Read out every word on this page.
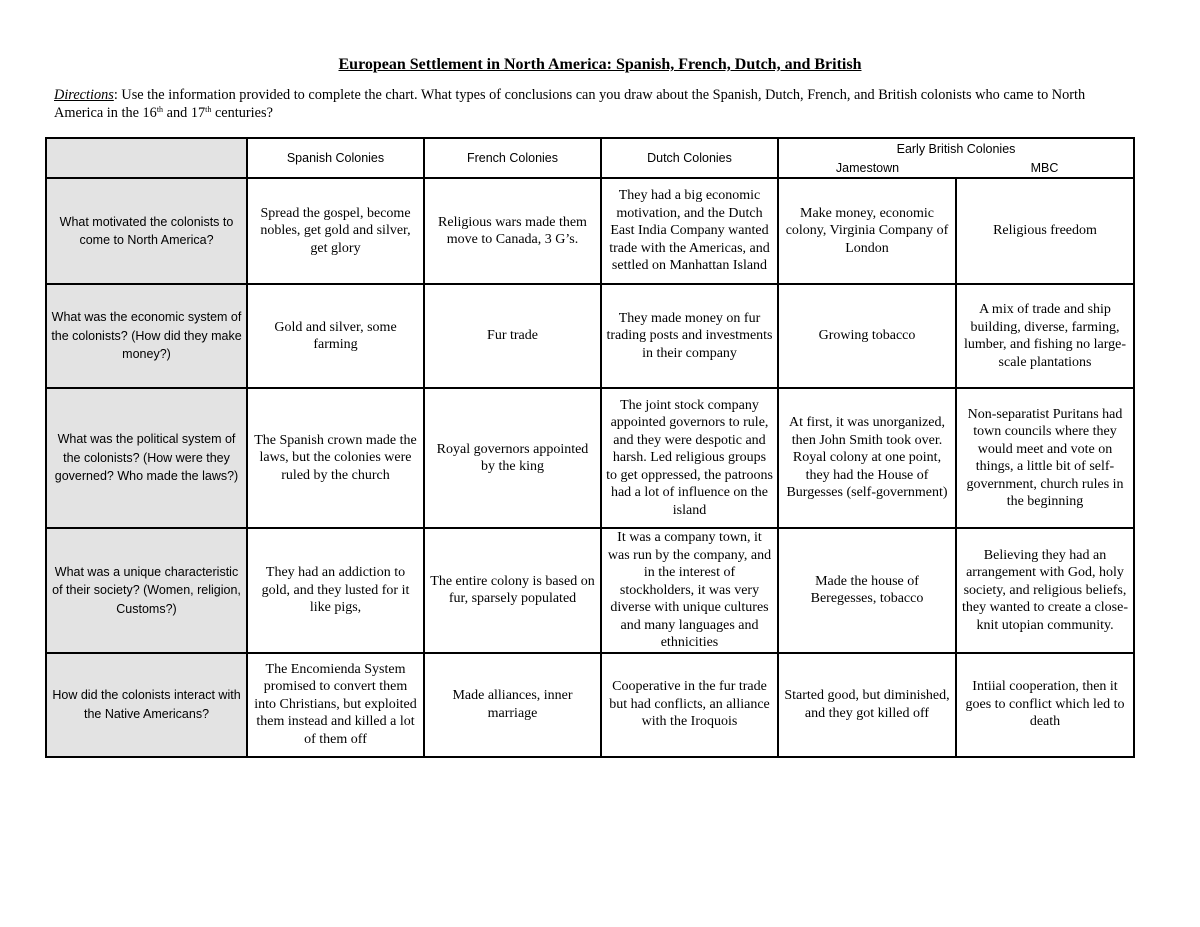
European Settlement in North America: Spanish, French, Dutch, and British
Directions: Use the information provided to complete the chart. What types of conclusions can you draw about the Spanish, Dutch, French, and British colonists who came to North America in the 16th and 17th centuries?
	Spanish Colonies	French Colonies	Dutch Colonies	Early British Colonies
Jamestown MBC	

What motivated the colonists to come to North America?	Spread the gospel, become nobles, get gold and silver, get glory	Religious wars made them move to Canada, 3 G’s.	They had a big economic motivation, and the Dutch East India Company wanted trade with the Americas, and settled on Manhattan Island	Make money, economic colony, Virginia Company of London	Religious freedom
What was the economic system of the colonists? (How did they make money?)	Gold and silver, some farming	Fur trade	They made money on fur trading posts and investments in their company	Growing tobacco	A mix of trade and ship building, diverse, farming, lumber, and fishing no large-scale plantations
What was the political system of the colonists? (How were they governed? Who made the laws?)	The Spanish crown made the laws, but the colonies were ruled by the church	Royal governors appointed by the king	The joint stock company appointed governors to rule, and they were despotic and harsh. Led religious groups to get oppressed, the patroons had a lot of influence on the island	At first, it was unorganized, then John Smith took over. Royal colony at one point, they had the House of Burgesses (self-government)	Non-separatist Puritans had town councils where they would meet and vote on things, a little bit of self-government, church rules in the beginning
What was a unique characteristic of their society? (Women, religion, Customs?)	They had an addiction to gold, and they lusted for it like pigs,	The entire colony is based on fur, sparsely populated	It was a company town, it was run by the company, and in the interest of stockholders, it was very diverse with unique cultures and many languages and ethnicities	Made the house of Beregesses, tobacco	Believing they had an arrangement with God, holy society, and religious beliefs, they wanted to create a close-knit utopian community.
How did the colonists interact with the Native Americans?	The Encomienda System promised to convert them into Christians, but exploited them instead and killed a lot of them off	Made alliances, inner marriage	Cooperative in the fur trade but had conflicts, an alliance with the Iroquois	Started good, but diminished, and they got killed off	Intiial cooperation, then it goes to conflict which led to death
